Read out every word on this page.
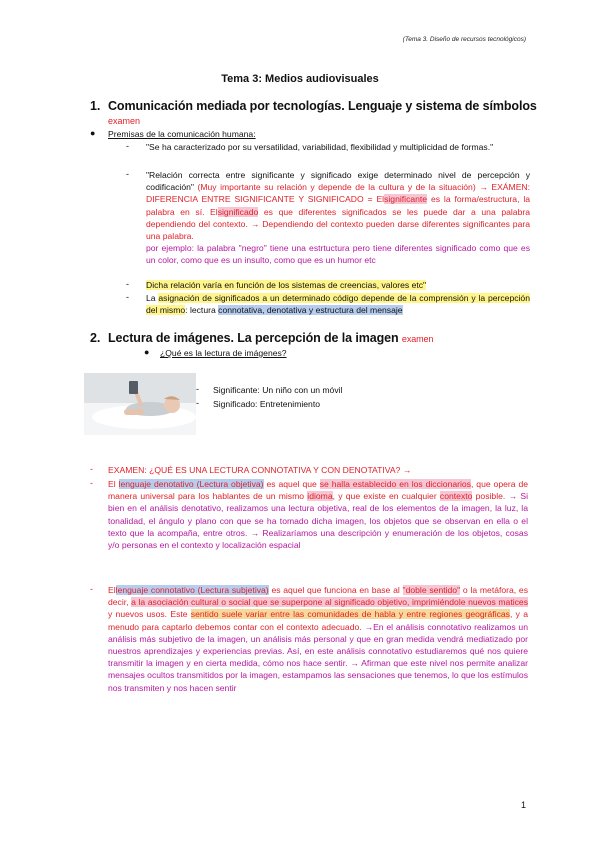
(Tema 3. Diseño de recursos tecnológicos)
Tema 3: Medios audiovisuales
1. Comunicación mediada por tecnologías. Lenguaje y sistema de símbolos
examen
● Premisas de la comunicación humana:
- "Se ha caracterizado por su versatilidad, variabilidad, flexibilidad y multiplicidad de formas."
- "Relación correcta entre significante y significado exige determinado nivel de percepción y codificación" (Muy importante su relación y depende de la cultura y de la situación) → EXÁMEN: DIFERENCIA ENTRE SIGNIFICANTE Y SIGNIFICADO = Elsignificante es la forma/estructura, la palabra en sí. Elsignificado es que diferentes significados se les puede dar a una palabra dependiendo del contexto. → Dependiendo del contexto pueden darse diferentes significantes para una palabra.
por ejemplo: la palabra "negro" tiene una estrtuctura pero tiene diferentes significado como que es un color, como que es un insulto, como que es un humor etc
- Dicha relación varía en función de los sistemas de creencias, valores etc"
- La asignación de significados a un determinado código depende de la comprensión y la percepción del mismo: lectura connotativa, denotativa y estructura del mensaje
2. Lectura de imágenes. La percepción de la imagen examen
● ¿Qué es la lectura de imágenes?
- Significante: Un niño con un móvil
- Significado: Entretenimiento
- EXAMEN: ¿QUÉ ES UNA LECTURA CONNOTATIVA Y CON DENOTATIVA? →
- El lenguaje denotativo (Lectura objetiva) es aquel que se halla establecido en los diccionarios, que opera de manera universal para los hablantes de un mismo idioma, y que existe en cualquier contexto posible. → Si bien en el análisis denotativo, realizamos una lectura objetiva, real de los elementos de la imagen, la luz, la tonalidad, el ángulo y plano con que se ha tomado dicha imagen, los objetos que se observan en ella o el texto que la acompaña, entre otros. → Realizaríamos una descripción y enumeración de los objetos, cosas y/o personas en el contexto y localización espacial
- Ellenguaje connotativo (Lectura subjetiva) es aquel que funciona en base al "doble sentido" o la metáfora, es decir, a la asociación cultural o social que se superpone al significado objetivo, imprimiéndole nuevos matices y nuevos usos. Este sentido suele variar entre las comunidades de habla y entre regiones geográficas, y a menudo para captarlo debemos contar con el contexto adecuado. →En el análisis connotativo realizamos un análisis más subjetivo de la imagen, un análisis más personal y que en gran medida vendrá mediatizado por nuestros aprendizajes y experiencias previas. Así, en este análisis connotativo estudiaremos qué nos quiere transmitir la imagen y en cierta medida, cómo nos hace sentir. → Afirman que este nivel nos permite analizar mensajes ocultos transmitidos por la imagen, estampamos las sensaciones que tenemos, lo que los estímulos nos transmiten y nos hacen sentir
1
